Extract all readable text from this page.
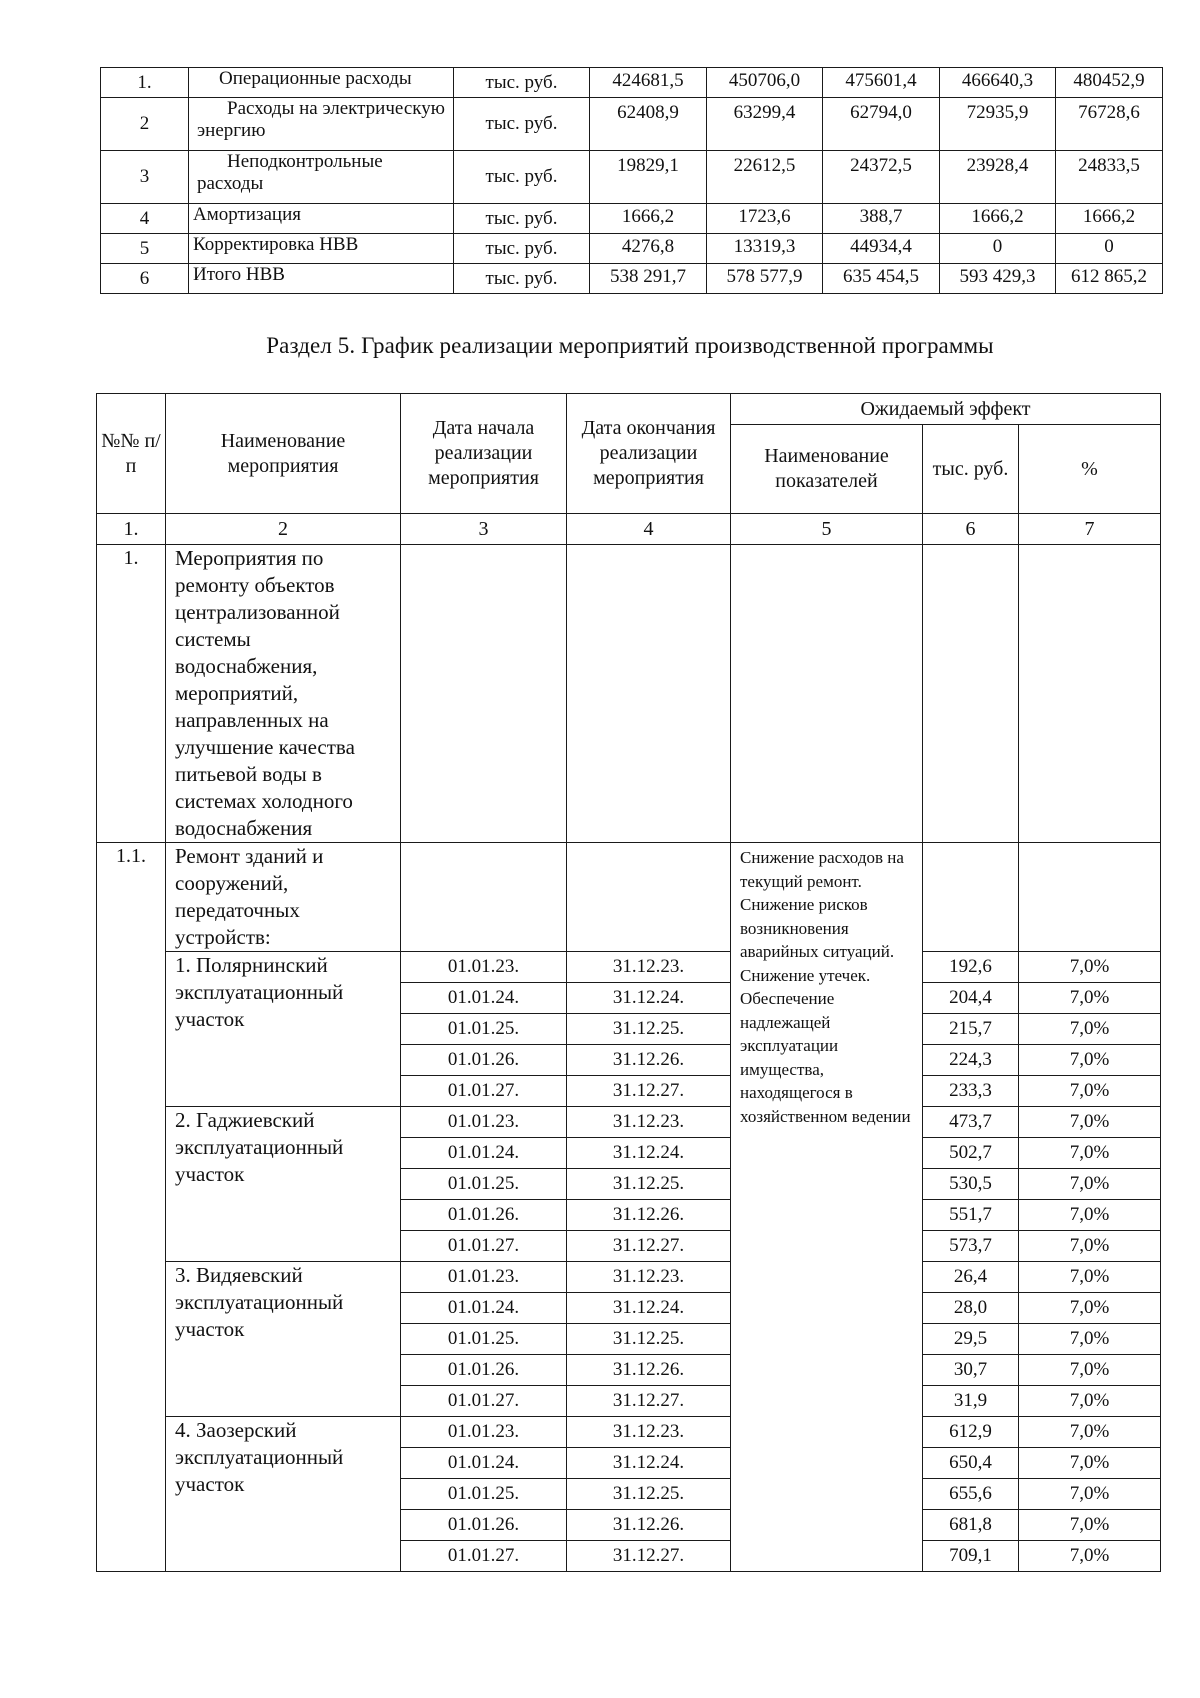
1.	Операционные расходы	тыс. руб.	424681,5	450706,0	475601,4	466640,3	480452,9
2	Расходы на электрическую энергию	тыс. руб.	62408,9	63299,4	62794,0	72935,9	76728,6
3	Неподконтрольные расходы	тыс. руб.	19829,1	22612,5	24372,5	23928,4	24833,5
4	Амортизация	тыс. руб.	1666,2	1723,6	388,7	1666,2	1666,2
5	Корректировка НВВ	тыс. руб.	4276,8	13319,3	44934,4	0	0
6	Итого НВВ	тыс. руб.	538 291,7	578 577,9	635 454,5	593 429,3	612 865,2
Раздел 5. График реализации мероприятий производственной программы
№№ п/п	Наименование мероприятия	Дата начала реализации мероприятия	Дата окончания реализации мероприятия	Ожидаемый эффект		
				Наименование показателей	тыс. руб.	%
1.	2	3	4	5	6	7
1.	Мероприятия по ремонту объектов централизованной системы водоснабжения, мероприятий, направленных на улучшение качества питьевой воды в системах холодного водоснабжения					
1.1.	Ремонт зданий и сооружений, передаточных устройств:			Снижение расходов на текущий ремонт. Снижение рисков возникновения аварийных ситуаций. Снижение утечек. Обеспечение надлежащей эксплуатации имущества, находящегося в хозяйственном ведении		
	1. Полярнинский эксплуатационный участок	01.01.23.	31.12.23.		192,6	7,0%
		01.01.24.	31.12.24.		204,4	7,0%
		01.01.25.	31.12.25.		215,7	7,0%
		01.01.26.	31.12.26.		224,3	7,0%
		01.01.27.	31.12.27.		233,3	7,0%
	2. Гаджиевский эксплуатационный участок	01.01.23.	31.12.23.		473,7	7,0%
		01.01.24.	31.12.24.		502,7	7,0%
		01.01.25.	31.12.25.		530,5	7,0%
		01.01.26.	31.12.26.		551,7	7,0%
		01.01.27.	31.12.27.		573,7	7,0%
	3. Видяевский эксплуатационный участок	01.01.23.	31.12.23.		26,4	7,0%
		01.01.24.	31.12.24.		28,0	7,0%
		01.01.25.	31.12.25.		29,5	7,0%
		01.01.26.	31.12.26.		30,7	7,0%
		01.01.27.	31.12.27.		31,9	7,0%
	4. Заозерский эксплуатационный участок	01.01.23.	31.12.23.		612,9	7,0%
		01.01.24.	31.12.24.		650,4	7,0%
		01.01.25.	31.12.25.		655,6	7,0%
		01.01.26.	31.12.26.		681,8	7,0%
		01.01.27.	31.12.27.		709,1	7,0%
